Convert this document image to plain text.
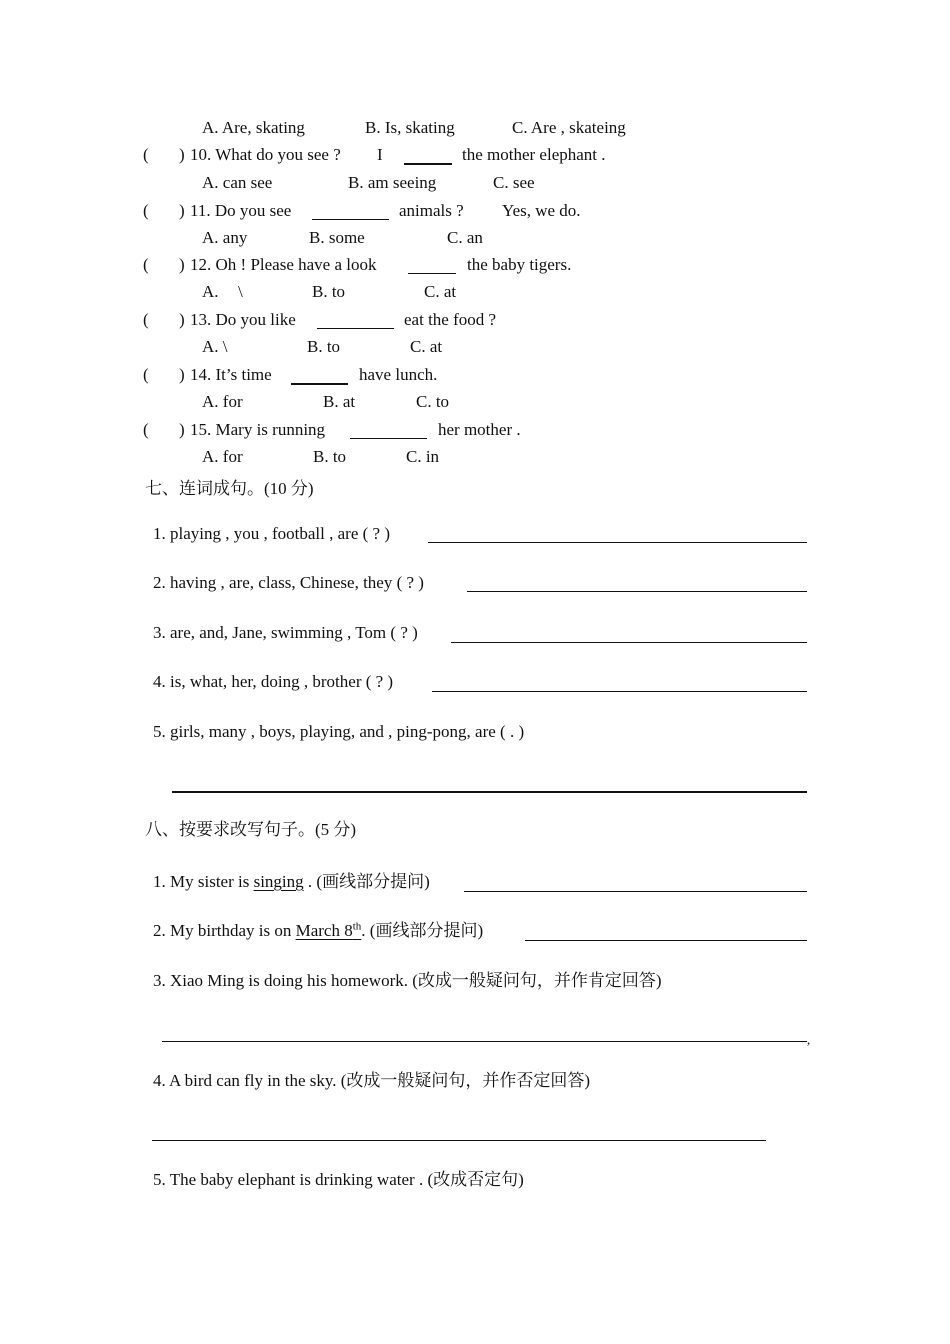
A. Are, skating	B. Is, skating	C. Are , skateing
( ) 10. What do you see ? I	the mother elephant .
A. can see	B. am seeing	C. see
( ) 11. Do you see	animals ? Yes, we do.
A. any	B. some	C. an
( ) 12. Oh ! Please have a look	the baby tigers.
A. \	B. to	C. at
( ) 13. Do you like	eat the food ?
A. \	B. to	C. at
( ) 14. It’s time	have lunch.
A. for	B. at	C. to
( ) 15. Mary is running	her mother .
A. for	B. to	C. in
七、连词成句。(10 分)
1. playing , you , football , are ( ? )
2. having , are, class, Chinese, they ( ? )
3. are, and, Jane, swimming , Tom ( ? )
4. is, what, her, doing , brother ( ? )
5. girls, many , boys, playing, and , ping-pong, are ( . )
八、按要求改写句子。(5 分)
1. My sister is singing . (画线部分提问)
2. My birthday is on March 8th. (画线部分提问)
3. Xiao Ming is doing his homework. (改成一般疑问句，并作肯定回答)
,
4. A bird can fly in the sky. (改成一般疑问句，并作否定回答)
5. The baby elephant is drinking water . (改成否定句)
